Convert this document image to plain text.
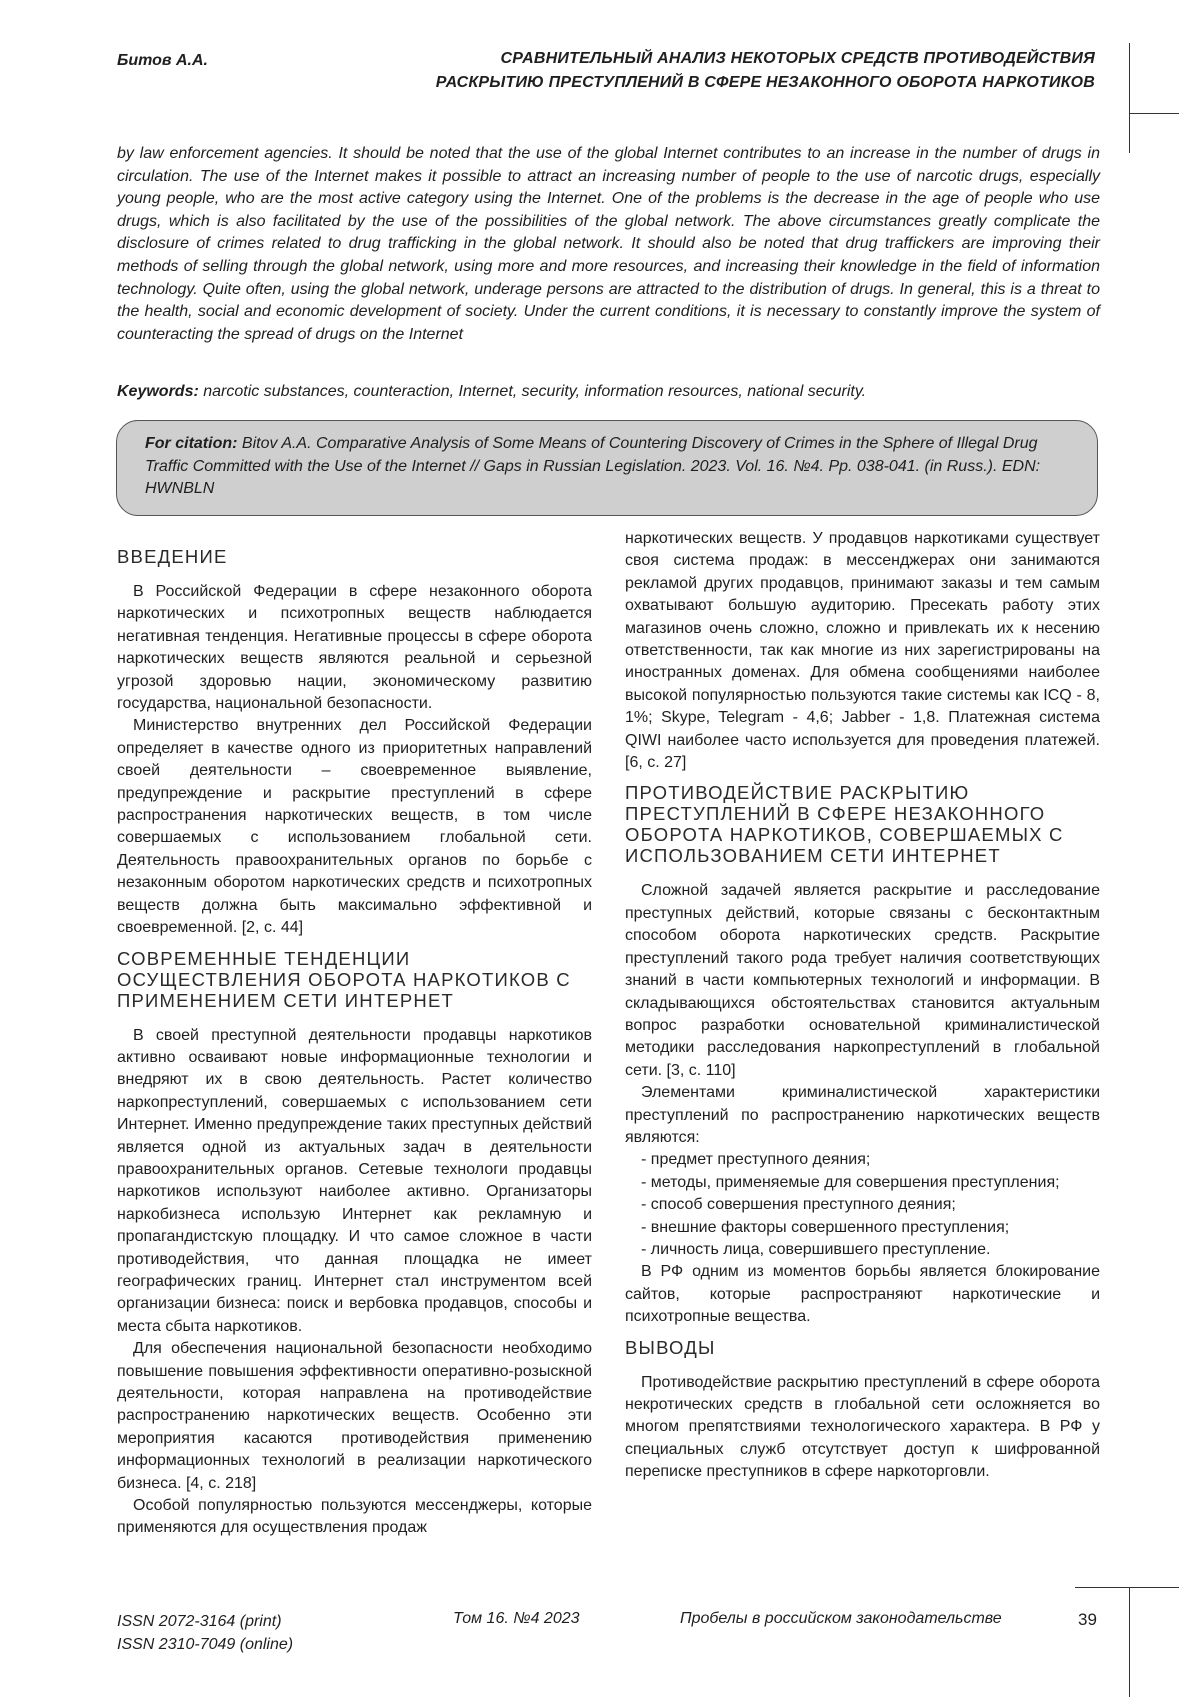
Битов А.А.	СРАВНИТЕЛЬНЫЙ АНАЛИЗ НЕКОТОРЫХ СРЕДСТВ ПРОТИВОДЕЙСТВИЯ
РАСКРЫТИЮ ПРЕСТУПЛЕНИЙ В СФЕРЕ НЕЗАКОННОГО ОБОРОТА НАРКОТИКОВ
by law enforcement agencies. It should be noted that the use of the global Internet contributes to an increase in the number of drugs in circulation. The use of the Internet makes it possible to attract an increasing number of people to the use of narcotic drugs, especially young people, who are the most active category using the Internet. One of the problems is the decrease in the age of people who use drugs, which is also facilitated by the use of the possibilities of the global network. The above circumstances greatly complicate the disclosure of crimes related to drug trafficking in the global network. It should also be noted that drug traffickers are improving their methods of selling through the global network, using more and more resources, and increasing their knowledge in the field of information technology. Quite often, using the global network, underage persons are attracted to the distribution of drugs. In general, this is a threat to the health, social and economic development of society. Under the current conditions, it is necessary to constantly improve the system of counteracting the spread of drugs on the Internet
Keywords: narcotic substances, counteraction, Internet, security, information resources, national security.
For citation: Bitov A.A. Comparative Analysis of Some Means of Countering Discovery of Crimes in the Sphere of Illegal Drug Traffic Committed with the Use of the Internet // Gaps in Russian Legislation. 2023. Vol. 16. №4. Pp. 038-041. (in Russ.). EDN: HWNBLN
ВВЕДЕНИЕ

В Российской Федерации в сфере незаконного оборота наркотических и психотропных веществ наблюдается негативная тенденция. Негативные процессы в сфере оборота наркотических веществ являются реальной и серьезной угрозой здоровью нации, экономическому развитию государства, национальной безопасности.

Министерство внутренних дел Российской Федерации определяет в качестве одного из приоритетных направлений своей деятельности – своевременное выявление, предупреждение и раскрытие преступлений в сфере распространения наркотических веществ, в том числе совершаемых с использованием глобальной сети. Деятельность правоохранительных органов по борьбе с незаконным оборотом наркотических средств и психотропных веществ должна быть максимально эффективной и своевременной. [2, с. 44]

СОВРЕМЕННЫЕ ТЕНДЕНЦИИ ОСУЩЕСТВЛЕНИЯ ОБОРОТА НАРКОТИКОВ С ПРИМЕНЕНИЕМ СЕТИ ИНТЕРНЕТ

В своей преступной деятельности продавцы наркотиков активно осваивают новые информационные технологии и внедряют их в свою деятельность. Растет количество наркопреступлений, совершаемых с использованием сети Интернет. Именно предупреждение таких преступных действий является одной из актуальных задач в деятельности правоохранительных органов. Сетевые технологи продавцы наркотиков используют наиболее активно. Организаторы наркобизнеса использую Интернет как рекламную и пропагандистскую площадку. И что самое сложное в части противодействия, что данная площадка не имеет географических границ. Интернет стал инструментом всей организации бизнеса: поиск и вербовка продавцов, способы и места сбыта наркотиков.

Для обеспечения национальной безопасности необходимо повышение повышения эффективности оперативно-розыскной деятельности, которая направлена на противодействие распространению наркотических веществ. Особенно эти мероприятия касаются противодействия применению информационных технологий в реализации наркотического бизнеса. [4, с. 218]

Особой популярностью пользуются мессенджеры, которые применяются для осуществления продаж

наркотических веществ. У продавцов наркотиками существует своя система продаж: в мессенджерах они занимаются рекламой других продавцов, принимают заказы и тем самым охватывают большую аудиторию. Пресекать работу этих магазинов очень сложно, сложно и привлекать их к несению ответственности, так как многие из них зарегистрированы на иностранных доменах. Для обмена сообщениями наиболее высокой популярностью пользуются такие системы как ICQ - 8, 1%; Skype, Telegram - 4,6; Jabber - 1,8. Платежная система QIWI наиболее часто используется для проведения платежей. [6, с. 27]

ПРОТИВОДЕЙСТВИЕ РАСКРЫТИЮ ПРЕСТУПЛЕНИЙ В СФЕРЕ НЕЗАКОННОГО ОБОРОТА НАРКОТИКОВ, СОВЕРШАЕМЫХ С ИСПОЛЬЗОВАНИЕМ СЕТИ ИНТЕРНЕТ

Сложной задачей является раскрытие и расследование преступных действий, которые связаны с бесконтактным способом оборота наркотических средств. Раскрытие преступлений такого рода требует наличия соответствующих знаний в части компьютерных технологий и информации. В складывающихся обстоятельствах становится актуальным вопрос разработки основательной криминалистической методики расследования наркопреступлений в глобальной сети. [3, с. 110]

Элементами криминалистической характеристики преступлений по распространению наркотических веществ являются:

- предмет преступного деяния;

- методы, применяемые для совершения преступления;

- способ совершения преступного деяния;

- внешние факторы совершенного преступления;

- личность лица, совершившего преступление.

В РФ одним из моментов борьбы является блокирование сайтов, которые распространяют наркотические и психотропные вещества.

ВЫВОДЫ

Противодействие раскрытию преступлений в сфере оборота некротических средств в глобальной сети осложняется во многом препятствиями технологического характера. В РФ у специальных служб отсутствует доступ к шифрованной переписке преступников в сфере наркоторговли.

ISSN 2072-3164 (print)
ISSN 2310-7049 (online)
Том 16. №4 2023	Пробелы в российском законодательстве	39
